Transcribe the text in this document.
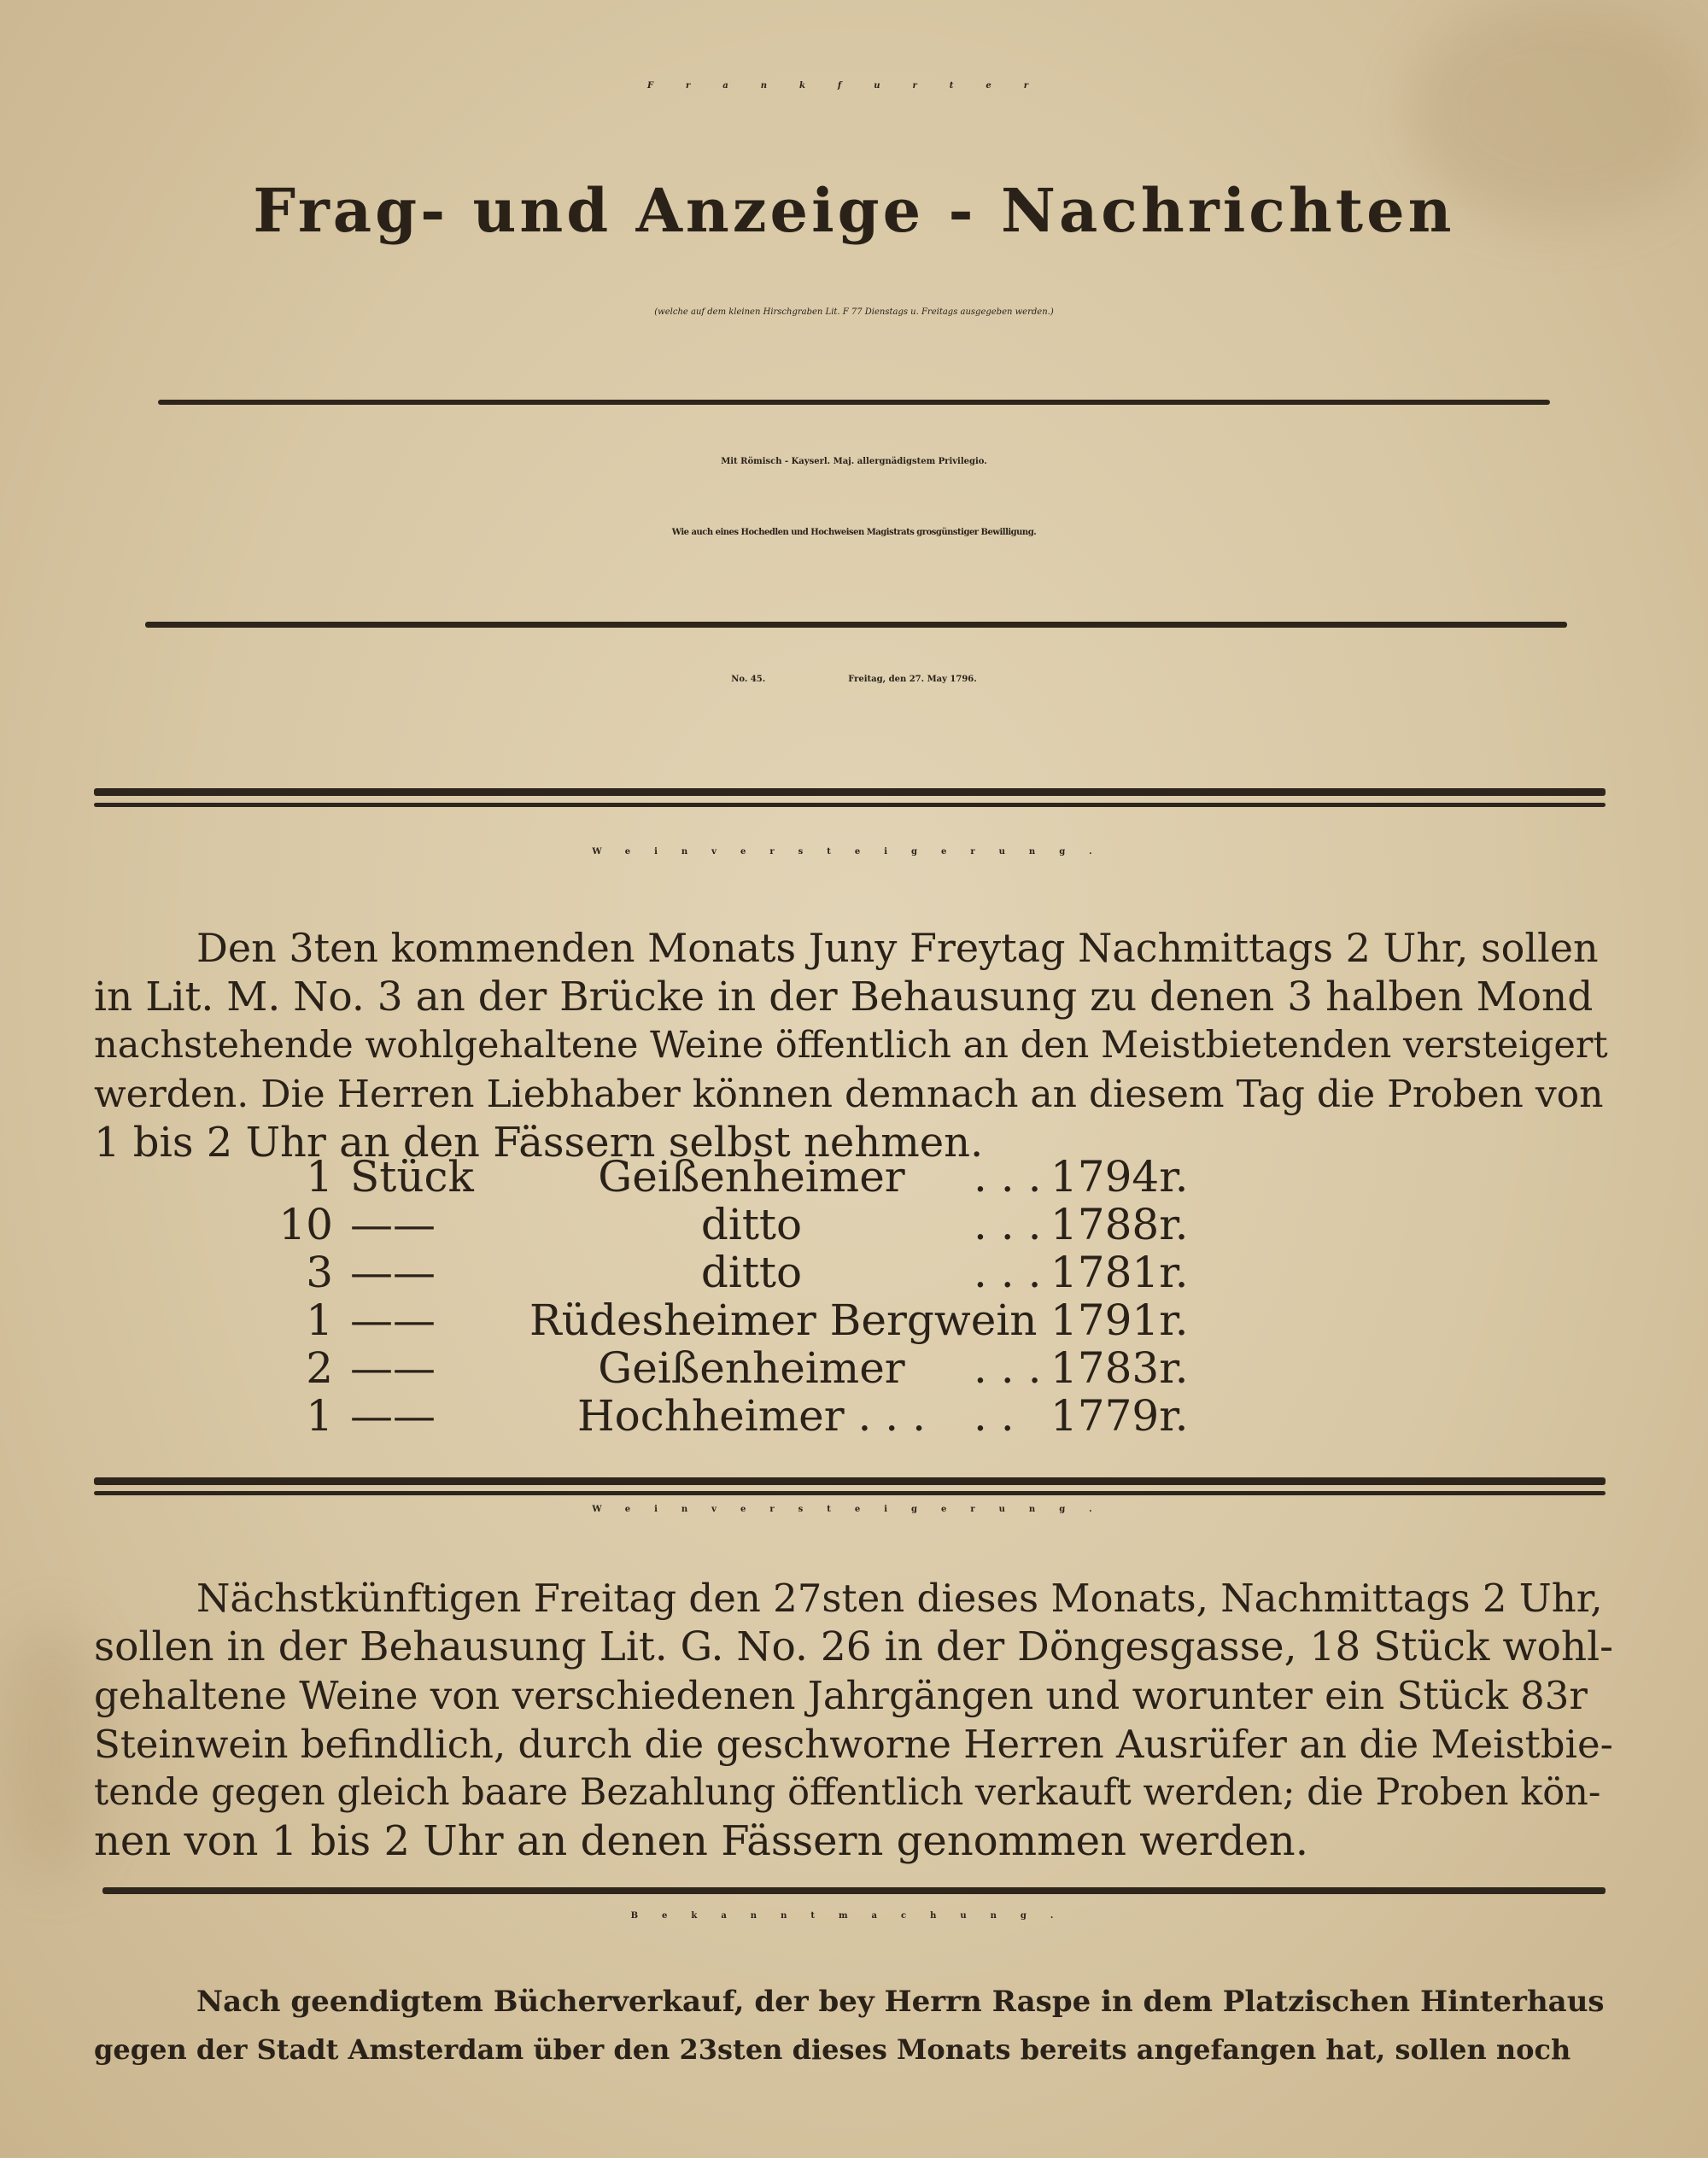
Frankfurter
Frag- und Anzeige - Nachrichten
(welche auf dem kleinen Hirschgraben Lit. F 77 Dienstags u. Freitags ausgegeben werden.)
Mit Römisch - Kayserl. Maj. allergnädigstem Privilegio.
Wie auch eines Hochedlen und Hochweisen Magistrats grosgünstiger Bewilligung.
No. 45.	Freitag, den 27. May 1796.
Weinversteigerung.
Den 3ten kommenden Monats Juny Freytag Nachmittags 2 Uhr, sollen
in Lit. M. No. 3 an der Brücke in der Behausung zu denen 3 halben Mond
nachstehende wohlgehaltene Weine öffentlich an den Meistbietenden versteigert
werden. Die Herren Liebhaber können demnach an diesem Tag die Proben von
1 bis 2 Uhr an den Fässern selbst nehmen.
1 Stück	Geißenheimer	. . . 1794r.
10 ——	ditto	. . . 1788r.
3 ——	ditto	. . . 1781r.
1 ——	Rüdesheimer Bergwein 1791r.
2 ——	Geißenheimer	. . . 1783r.
1 ——	Hochheimer . . .	. . 1779r.
Weinversteigerung.
Nächstkünftigen Freitag den 27sten dieses Monats, Nachmittags 2 Uhr,
sollen in der Behausung Lit. G. No. 26 in der Döngesgasse, 18 Stück wohl-
gehaltene Weine von verschiedenen Jahrgängen und worunter ein Stück 83r
Steinwein befindlich, durch die geschworne Herren Ausrüfer an die Meistbie-
tende gegen gleich baare Bezahlung öffentlich verkauft werden; die Proben kön-
nen von 1 bis 2 Uhr an denen Fässern genommen werden.
Bekanntmachung.
Nach geendigtem Bücherverkauf, der bey Herrn Raspe in dem Platzischen Hinterhaus
gegen der Stadt Amsterdam über den 23sten dieses Monats bereits angefangen hat, sollen noch
